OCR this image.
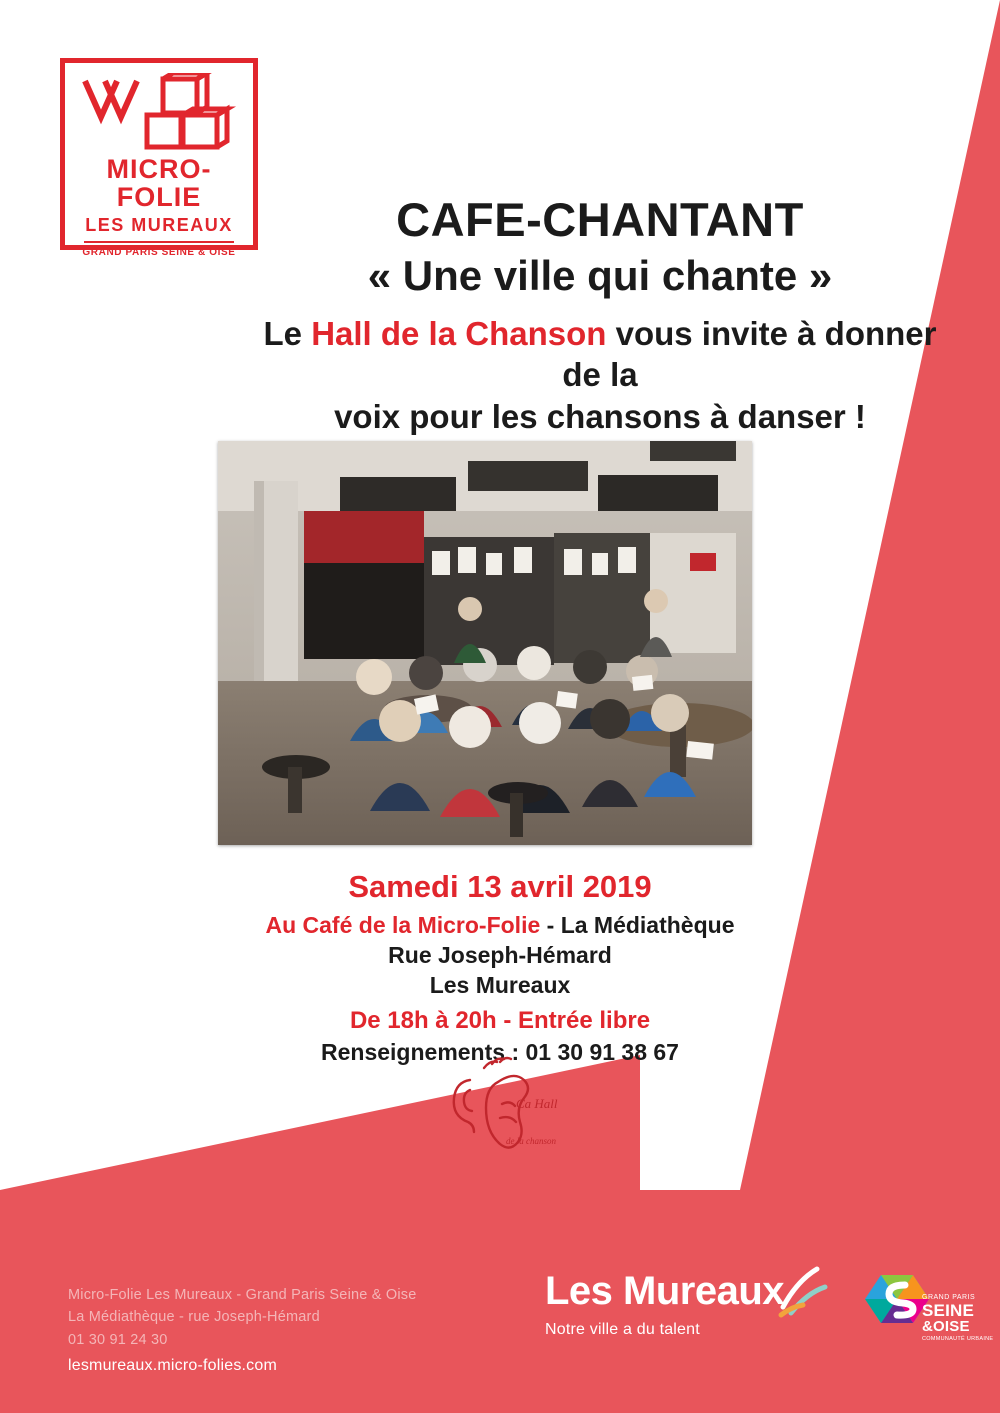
MICRO-FOLIE
LES MUREAUX
GRAND PARIS SEINE & OISE
CAFE-CHANTANT
« Une ville qui chante »
Le Hall de la Chanson vous invite à donner de la
voix pour les chansons à danser !
Samedi 13 avril 2019
Au Café de la Micro-Folie - La Médiathèque
Rue Joseph-Hémard
Les Mureaux
De 18h à 20h - Entrée libre
Renseignements : 01 30 91 38 67
Ca Hall
de la chanson
Micro-Folie Les Mureaux - Grand Paris Seine & Oise
La Médiathèque - rue Joseph-Hémard
01 30 91 24 30
lesmureaux.micro-folies.com
Les Mureaux
Notre ville a du talent
GRAND PARIS
SEINE
&OISE
COMMUNAUTÉ URBAINE
